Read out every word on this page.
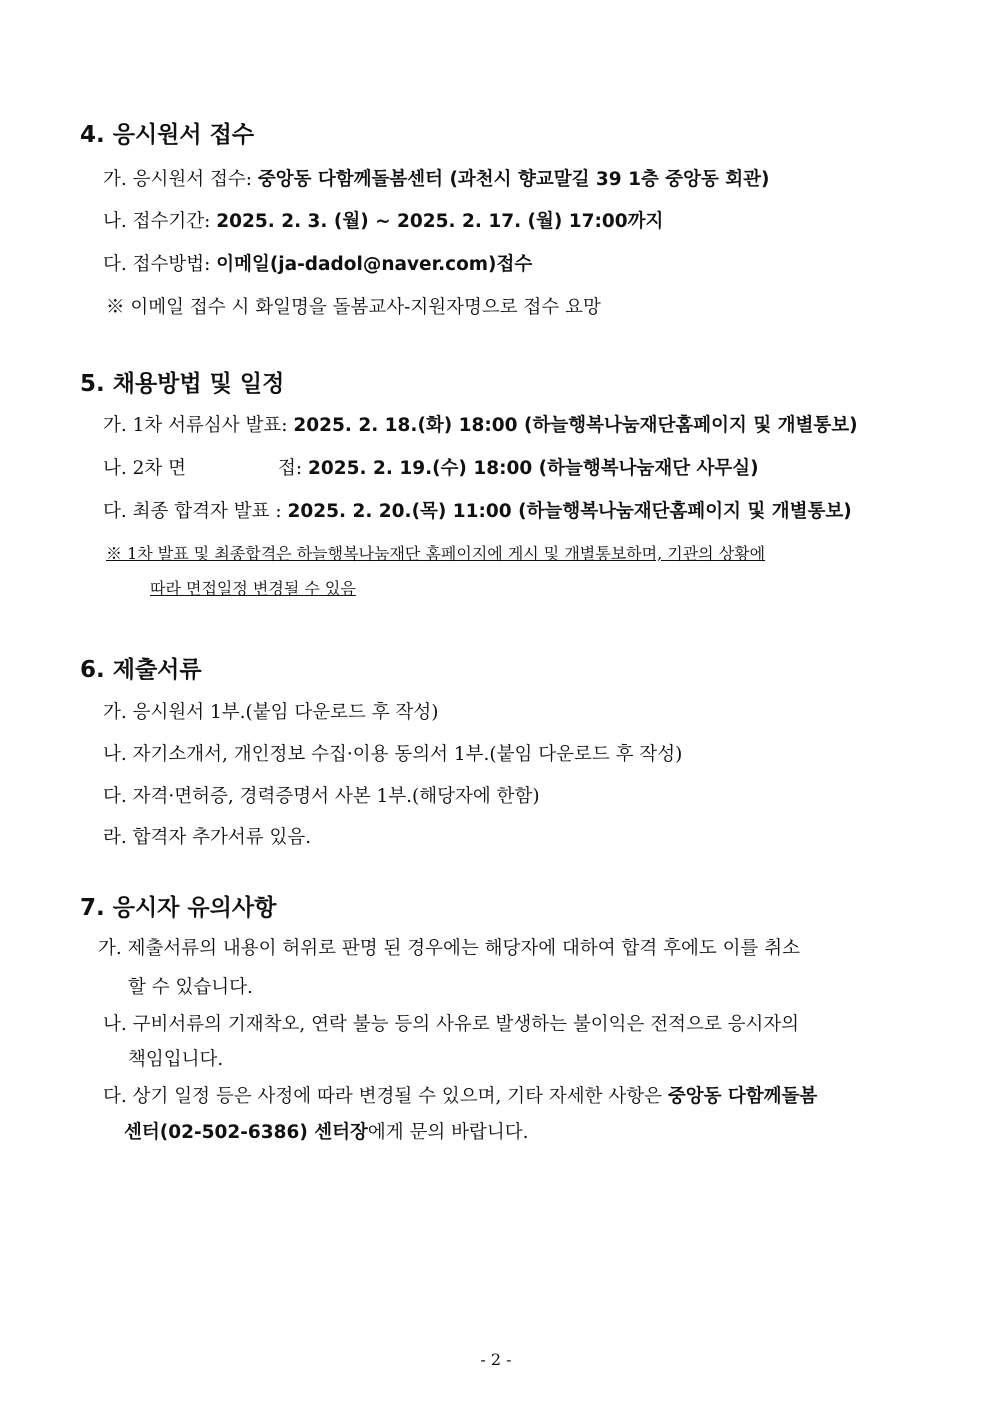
4. 응시원서 접수
가. 응시원서 접수: 중앙동 다함께돌봄센터 (과천시 향교말길 39 1층 중앙동 회관)
나. 접수기간: 2025. 2. 3. (월) ~ 2025. 2. 17. (월) 17:00까지
다. 접수방법: 이메일(ja-dadol@naver.com)접수
※ 이메일 접수 시 화일명을 돌봄교사-지원자명으로 접수 요망
5. 채용방법 및 일정
가. 1차 서류심사 발표: 2025. 2. 18.(화) 18:00 (하늘행복나눔재단홈페이지 및 개별통보)
나. 2차 면	접: 2025. 2. 19.(수) 18:00 (하늘행복나눔재단 사무실)
다. 최종 합격자 발표 : 2025. 2. 20.(목) 11:00 (하늘행복나눔재단홈페이지 및 개별통보)
※ 1차 발표 및 최종합격은 하늘행복나눔재단 홈페이지에 게시 및 개별통보하며, 기관의 상황에
따라 면접일정 변경될 수 있음
6. 제출서류
가. 응시원서 1부.(붙임 다운로드 후 작성)
나. 자기소개서, 개인정보 수집·이용 동의서 1부.(붙임 다운로드 후 작성)
다. 자격·면허증, 경력증명서 사본 1부.(해당자에 한함)
라. 합격자 추가서류 있음.
7. 응시자 유의사항
가. 제출서류의 내용이 허위로 판명 된 경우에는 해당자에 대하여 합격 후에도 이를 취소
할 수 있습니다.
나. 구비서류의 기재착오, 연락 불능 등의 사유로 발생하는 불이익은 전적으로 응시자의
책임입니다.
다. 상기 일정 등은 사정에 따라 변경될 수 있으며, 기타 자세한 사항은 중앙동 다함께돌봄
센터(02-502-6386) 센터장에게 문의 바랍니다.
- 2 -
